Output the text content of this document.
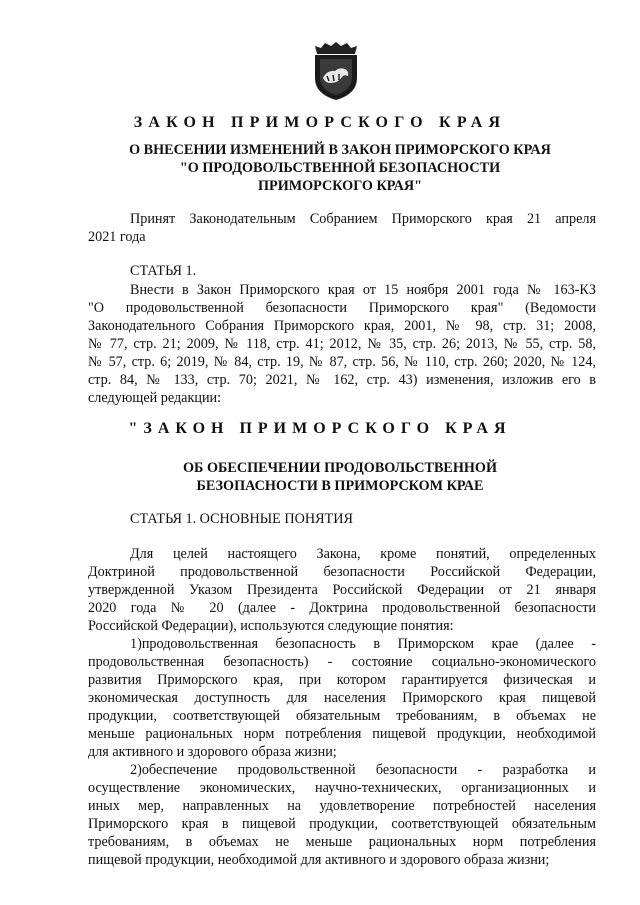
ЗАКОН ПРИМОРСКОГО КРАЯ
О ВНЕСЕНИИ ИЗМЕНЕНИЙ В ЗАКОН ПРИМОРСКОГО КРАЯ
"О ПРОДОВОЛЬСТВЕННОЙ БЕЗОПАСНОСТИ
ПРИМОРСКОГО КРАЯ"
Принят Законодательным Собранием Приморского края 21 апреля
2021 года
СТАТЬЯ 1.
Внести в Закон Приморского края от 15 ноября 2001 года № 163-КЗ
"О продовольственной безопасности Приморского края" (Ведомости
Законодательного Собрания Приморского края, 2001, № 98, стр. 31; 2008,
№ 77, стр. 21; 2009, № 118, стр. 41; 2012, № 35, стр. 26; 2013, № 55, стр. 58,
№ 57, стр. 6; 2019, № 84, стр. 19, № 87, стр. 56, № 110, стр. 260; 2020, № 124,
стр. 84, № 133, стр. 70; 2021, № 162, стр. 43) изменения, изложив его в
следующей редакции:
"ЗАКОН ПРИМОРСКОГО КРАЯ
ОБ ОБЕСПЕЧЕНИИ ПРОДОВОЛЬСТВЕННОЙ
БЕЗОПАСНОСТИ В ПРИМОРСКОМ КРАЕ
СТАТЬЯ 1. ОСНОВНЫЕ ПОНЯТИЯ
Для целей настоящего Закона, кроме понятий, определенных
Доктриной продовольственной безопасности Российской Федерации,
утвержденной Указом Президента Российской Федерации от 21 января
2020 года № 20 (далее - Доктрина продовольственной безопасности
Российской Федерации), используются следующие понятия:
1)продовольственная безопасность в Приморском крае (далее -
продовольственная безопасность) - состояние социально-экономического
развития Приморского края, при котором гарантируется физическая и
экономическая доступность для населения Приморского края пищевой
продукции, соответствующей обязательным требованиям, в объемах не
меньше рациональных норм потребления пищевой продукции, необходимой
для активного и здорового образа жизни;
2)обеспечение продовольственной безопасности - разработка и
осуществление экономических, научно-технических, организационных и
иных мер, направленных на удовлетворение потребностей населения
Приморского края в пищевой продукции, соответствующей обязательным
требованиям, в объемах не меньше рациональных норм потребления
пищевой продукции, необходимой для активного и здорового образа жизни;
